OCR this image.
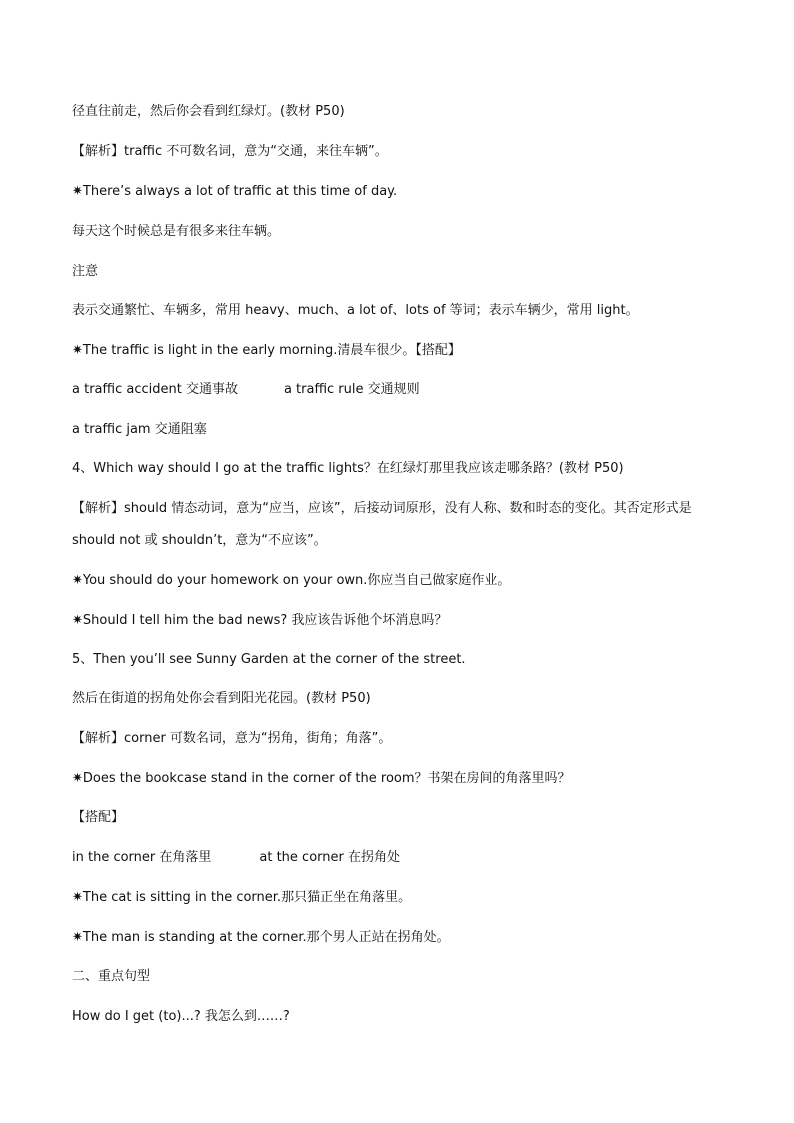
径直往前走，然后你会看到红绿灯。(教材 P50)
【解析】traffic 不可数名词，意为“交通，来往车辆”。
✷There’s always a lot of traffic at this time of day.
每天这个时候总是有很多来往车辆。
注意
表示交通繁忙、车辆多，常用 heavy、much、a lot of、lots of 等词；表示车辆少，常用 light。
✷The traffic is light in the early morning.清晨车很少。【搭配】
a traffic accident 交通事故	a traffic rule 交通规则
a traffic jam 交通阻塞
4、Which way should I go at the traffic lights？在红绿灯那里我应该走哪条路？(教材 P50)
【解析】should 情态动词，意为“应当，应该”，后接动词原形，没有人称、数和时态的变化。其否定形式是
should not 或 shouldn’t，意为“不应该”。
✷You should do your homework on your own.你应当自己做家庭作业。
✷Should I tell him the bad news? 我应该告诉他个坏消息吗？
5、Then you’ll see Sunny Garden at the corner of the street.
然后在街道的拐角处你会看到阳光花园。(教材 P50)
【解析】corner 可数名词，意为“拐角，街角；角落”。
✷Does the bookcase stand in the corner of the room？书架在房间的角落里吗？
【搭配】
in the corner 在角落里	at the corner 在拐角处
✷The cat is sitting in the corner.那只猫正坐在角落里。
✷The man is standing at the corner.那个男人正站在拐角处。
二、重点句型
How do I get (to)...? 我怎么到……?
